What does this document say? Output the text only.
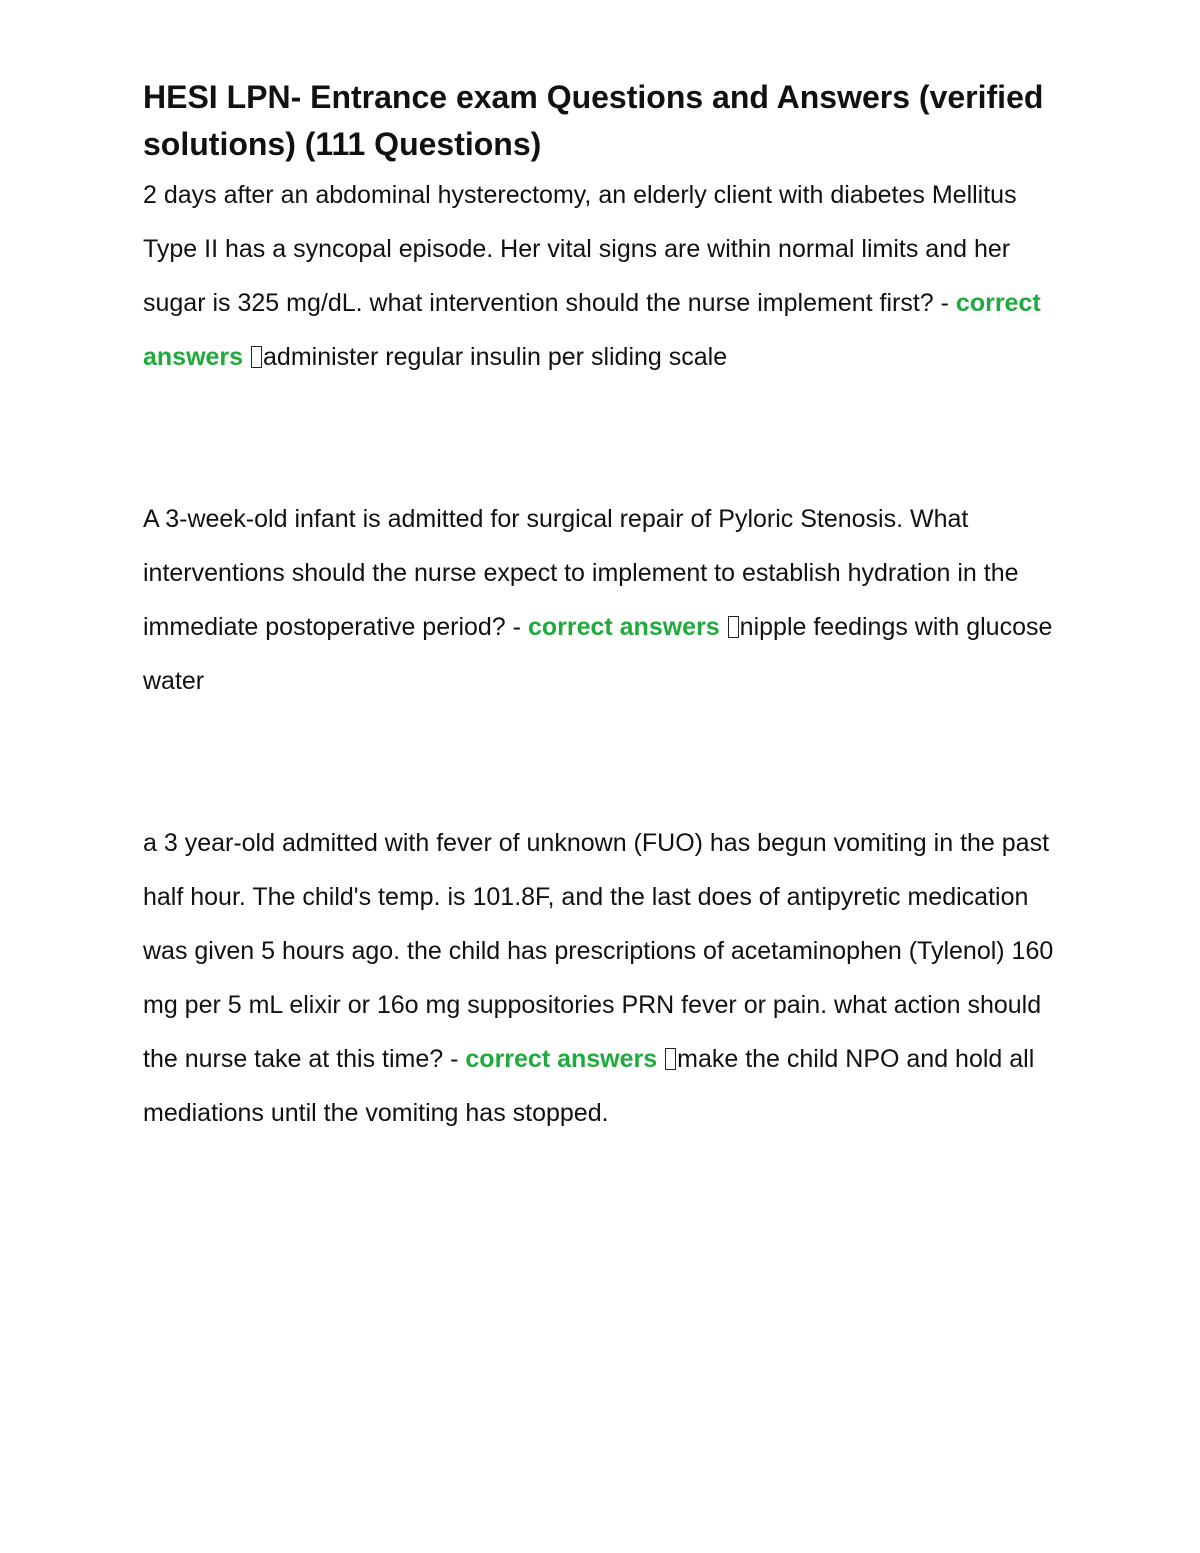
HESI LPN- Entrance exam Questions and Answers (verified solutions) (111 Questions)

2 days after an abdominal hysterectomy, an elderly client with diabetes Mellitus Type II has a syncopal episode. Her vital signs are within normal limits and her sugar is 325 mg/dL. what intervention should the nurse implement first? - correct answers administer regular insulin per sliding scale

A 3-week-old infant is admitted for surgical repair of Pyloric Stenosis. What interventions should the nurse expect to implement to establish hydration in the immediate postoperative period? - correct answers nipple feedings with glucose water

a 3 year-old admitted with fever of unknown (FUO) has begun vomiting in the past half hour. The child's temp. is 101.8F, and the last does of antipyretic medication was given 5 hours ago. the child has prescriptions of acetaminophen (Tylenol) 160 mg per 5 mL elixir or 16o mg suppositories PRN fever or pain. what action should the nurse take at this time? - correct answers make the child NPO and hold all mediations until the vomiting has stopped.
